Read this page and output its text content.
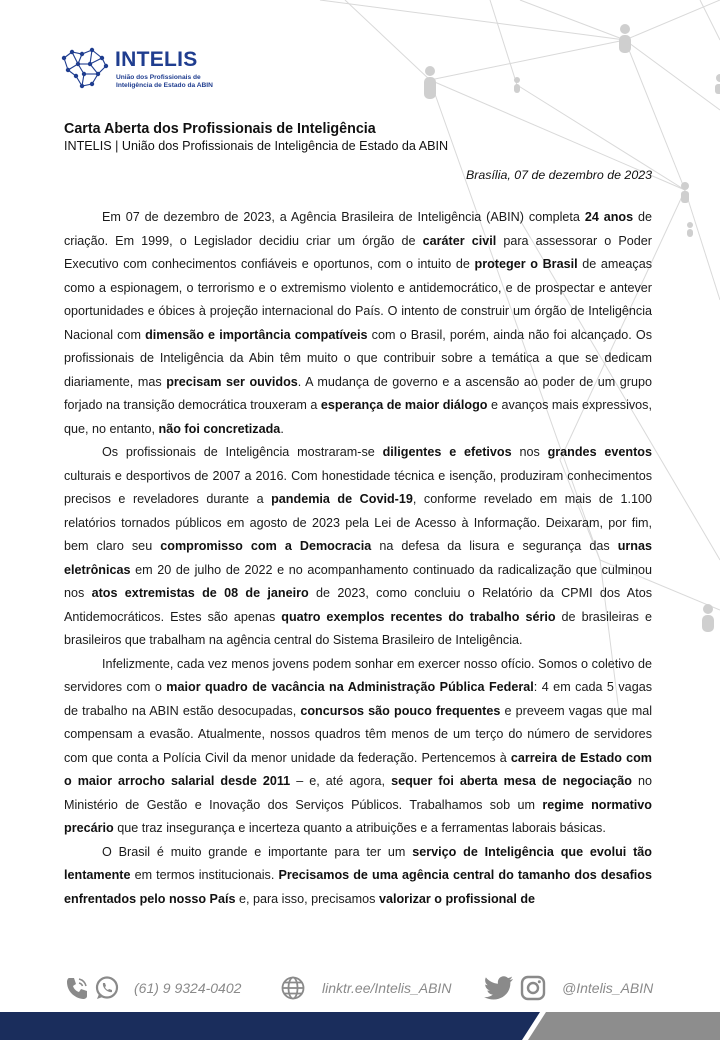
INTELIS
União dos Profissionais de Inteligência de Estado da ABIN
Carta Aberta dos Profissionais de Inteligência
INTELIS | União dos Profissionais de Inteligência de Estado da ABIN
Brasília, 07 de dezembro de 2023

Em 07 de dezembro de 2023, a Agência Brasileira de Inteligência (ABIN) completa 24 anos de criação. Em 1999, o Legislador decidiu criar um órgão de caráter civil para assessorar o Poder Executivo com conhecimentos confiáveis e oportunos, com o intuito de proteger o Brasil de ameaças como a espionagem, o terrorismo e o extremismo violento e antidemocrático, e de prospectar e antever oportunidades e óbices à projeção internacional do País. O intento de construir um órgão de Inteligência Nacional com dimensão e importância compatíveis com o Brasil, porém, ainda não foi alcançado. Os profissionais de Inteligência da Abin têm muito o que contribuir sobre a temática a que se dedicam diariamente, mas precisam ser ouvidos. A mudança de governo e a ascensão ao poder de um grupo forjado na transição democrática trouxeram a esperança de maior diálogo e avanços mais expressivos, que, no entanto, não foi concretizada.

Os profissionais de Inteligência mostraram-se diligentes e efetivos nos grandes eventos culturais e desportivos de 2007 a 2016. Com honestidade técnica e isenção, produziram conhecimentos precisos e reveladores durante a pandemia de Covid-19, conforme revelado em mais de 1.100 relatórios tornados públicos em agosto de 2023 pela Lei de Acesso à Informação. Deixaram, por fim, bem claro seu compromisso com a Democracia na defesa da lisura e segurança das urnas eletrônicas em 20 de julho de 2022 e no acompanhamento continuado da radicalização que culminou nos atos extremistas de 08 de janeiro de 2023, como concluiu o Relatório da CPMI dos Atos Antidemocráticos. Estes são apenas quatro exemplos recentes do trabalho sério de brasileiras e brasileiros que trabalham na agência central do Sistema Brasileiro de Inteligência.

Infelizmente, cada vez menos jovens podem sonhar em exercer nosso ofício. Somos o coletivo de servidores com o maior quadro de vacância na Administração Pública Federal: 4 em cada 5 vagas de trabalho na ABIN estão desocupadas, concursos são pouco frequentes e preveem vagas que mal compensam a evasão. Atualmente, nossos quadros têm menos de um terço do número de servidores com que conta a Polícia Civil da menor unidade da federação. Pertencemos à carreira de Estado com o maior arrocho salarial desde 2011 – e, até agora, sequer foi aberta mesa de negociação no Ministério de Gestão e Inovação dos Serviços Públicos. Trabalhamos sob um regime normativo precário que traz insegurança e incerteza quanto a atribuições e a ferramentas laborais básicas.

O Brasil é muito grande e importante para ter um serviço de Inteligência que evolui tão lentamente em termos institucionais. Precisamos de uma agência central do tamanho dos desafios enfrentados pelo nosso País e, para isso, precisamos valorizar o profissional de

(61) 9 9324-0402	linktr.ee/Intelis_ABIN	@Intelis_ABIN
